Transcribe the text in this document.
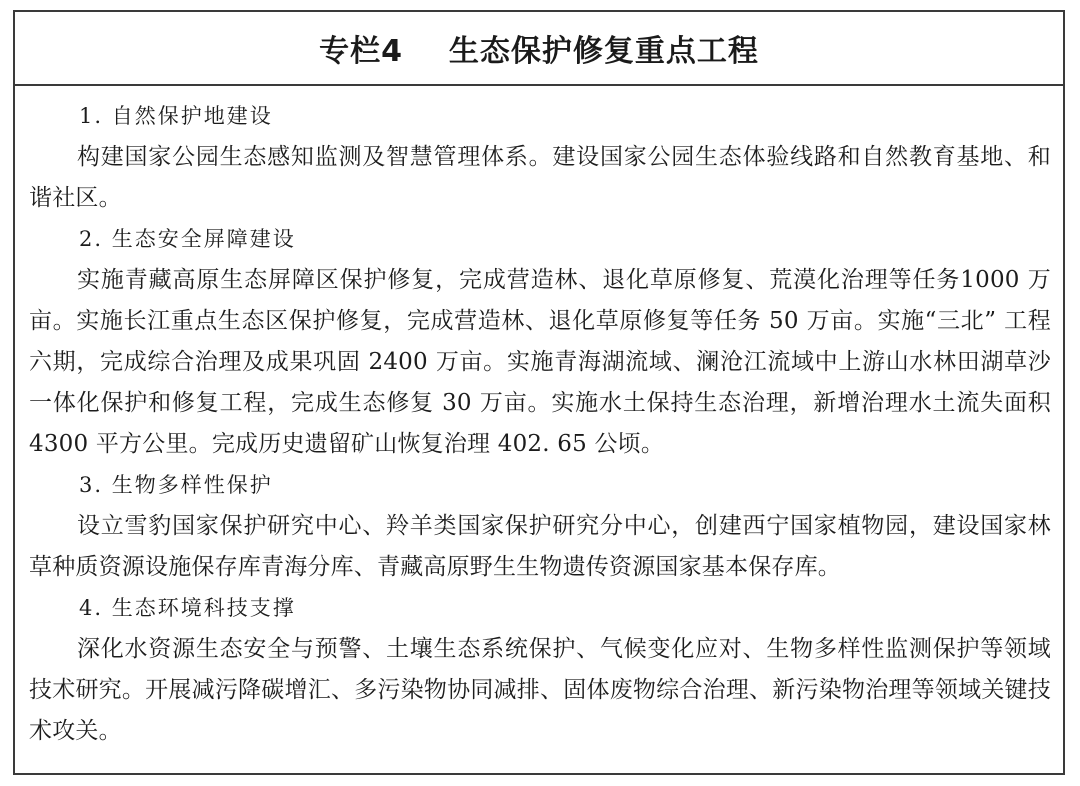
专栏4    生态保护修复重点工程
1. 自然保护地建设
构建国家公园生态感知监测及智慧管理体系。建设国家公园生态体验线路和自然教育基地、和谐社区。
2. 生态安全屏障建设
实施青藏高原生态屏障区保护修复，完成营造林、退化草原修复、荒漠化治理等任务1000 万亩。实施长江重点生态区保护修复，完成营造林、退化草原修复等任务 50 万亩。实施“三北” 工程六期，完成综合治理及成果巩固 2400 万亩。实施青海湖流域、澜沧江流域中上游山水林田湖草沙一体化保护和修复工程，完成生态修复 30 万亩。实施水土保持生态治理，新增治理水土流失面积 4300 平方公里。完成历史遗留矿山恢复治理 402. 65 公顷。
3. 生物多样性保护
设立雪豹国家保护研究中心、羚羊类国家保护研究分中心，创建西宁国家植物园，建设国家林草种质资源设施保存库青海分库、青藏高原野生生物遗传资源国家基本保存库。
4. 生态环境科技支撑
深化水资源生态安全与预警、土壤生态系统保护、气候变化应对、生物多样性监测保护等领域技术研究。开展减污降碳增汇、多污染物协同减排、固体废物综合治理、新污染物治理等领域关键技术攻关。
